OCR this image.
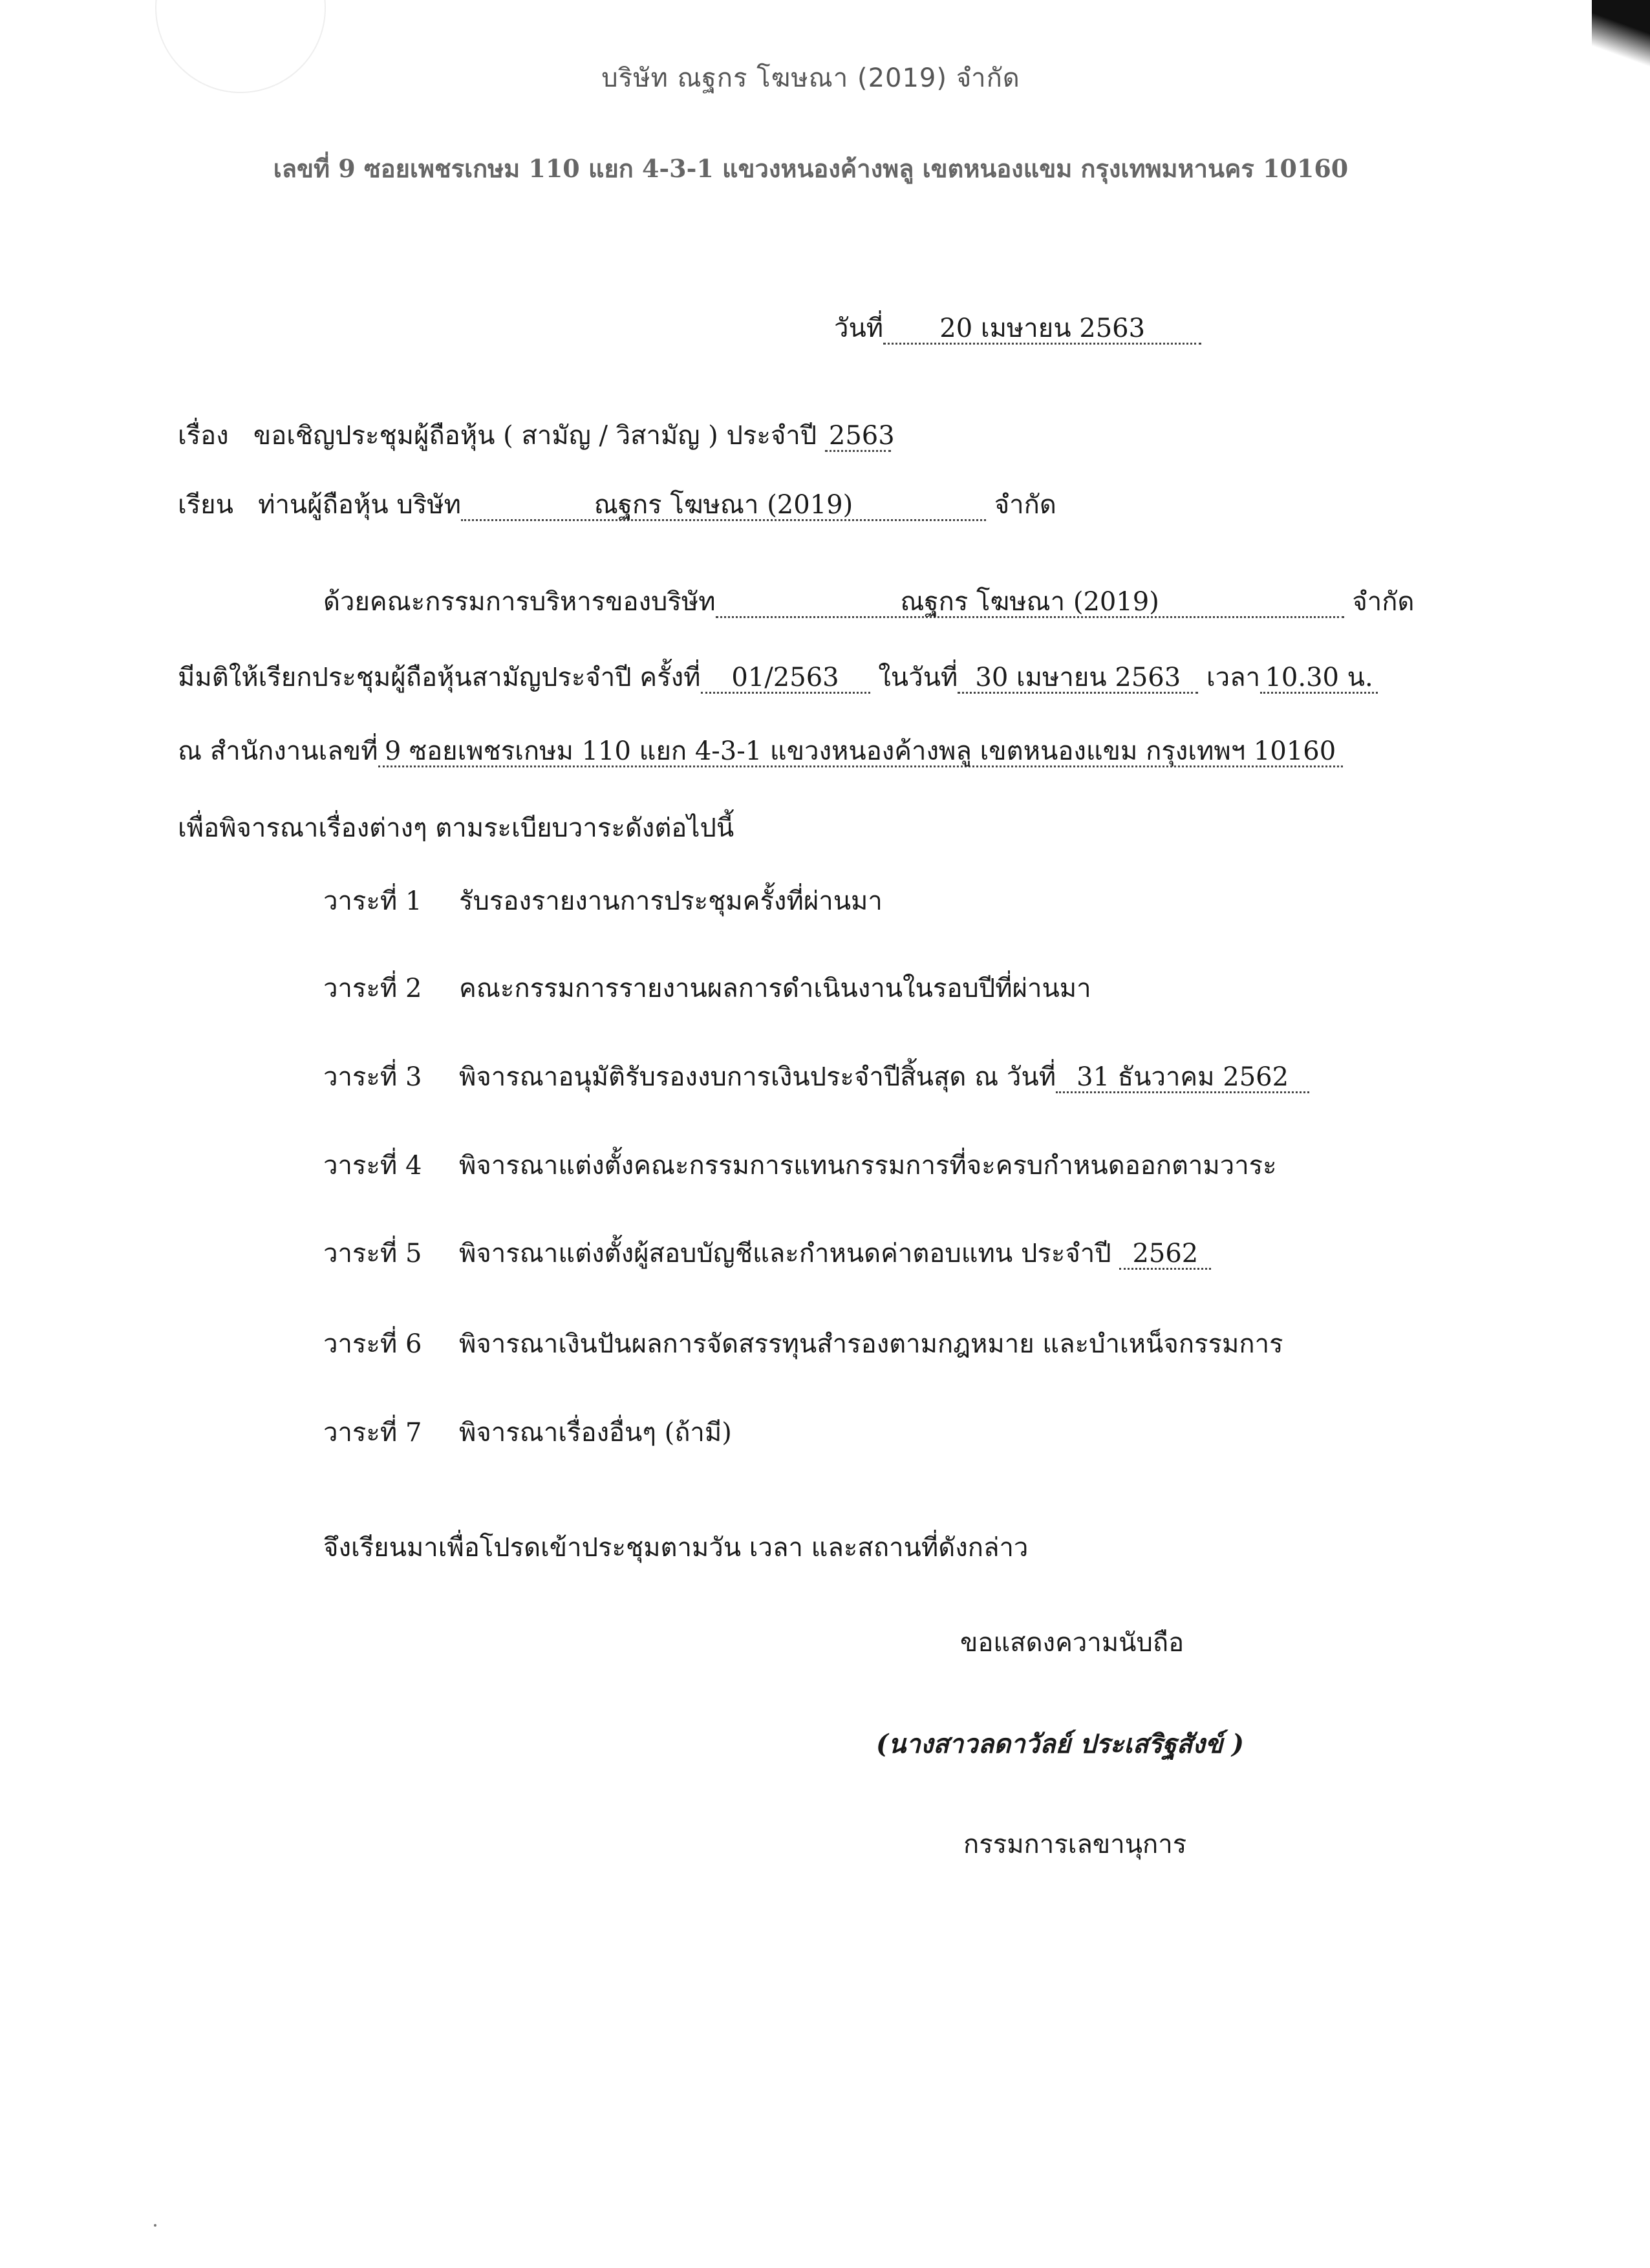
บริษัท ณฐกร โฆษณา (2019) จำกัด
เลขที่ 9 ซอยเพชรเกษม 110 แยก 4-3-1 แขวงหนองค้างพลู เขตหนองแขม กรุงเทพมหานคร 10160
วันที่ 20 เมษายน 2563
เรื่อง ขอเชิญประชุมผู้ถือหุ้น ( สามัญ / วิสามัญ ) ประจำปี 2563
เรียน ท่านผู้ถือหุ้น บริษัท	ณฐกร โฆษณา (2019)	จำกัด
ด้วยคณะกรรมการบริหารของบริษัท	ณฐกร โฆษณา (2019)	จำกัด
มีมติให้เรียกประชุมผู้ถือหุ้นสามัญประจำปี ครั้งที่ 01/2563 ในวันที่ 30 เมษายน 2563 เวลา 10.30 น.
ณ สำนักงานเลขที่ 9 ซอยเพชรเกษม 110 แยก 4-3-1 แขวงหนองค้างพลู เขตหนองแขม กรุงเทพฯ 10160
เพื่อพิจารณาเรื่องต่างๆ ตามระเบียบวาระดังต่อไปนี้
วาระที่ 1 รับรองรายงานการประชุมครั้งที่ผ่านมา
วาระที่ 2 คณะกรรมการรายงานผลการดำเนินงานในรอบปีที่ผ่านมา
วาระที่ 3 พิจารณาอนุมัติรับรองงบการเงินประจำปีสิ้นสุด ณ วันที่ 31 ธันวาคม 2562
วาระที่ 4 พิจารณาแต่งตั้งคณะกรรมการแทนกรรมการที่จะครบกำหนดออกตามวาระ
วาระที่ 5 พิจารณาแต่งตั้งผู้สอบบัญชีและกำหนดค่าตอบแทน ประจำปี 2562
วาระที่ 6 พิจารณาเงินปันผลการจัดสรรทุนสำรองตามกฎหมาย และบำเหน็จกรรมการ
วาระที่ 7 พิจารณาเรื่องอื่นๆ (ถ้ามี)
จึงเรียนมาเพื่อโปรดเข้าประชุมตามวัน เวลา และสถานที่ดังกล่าว
ขอแสดงความนับถือ
(นางสาวลดาวัลย์ ประเสริฐสังข์ )
กรรมการเลขานุการ
